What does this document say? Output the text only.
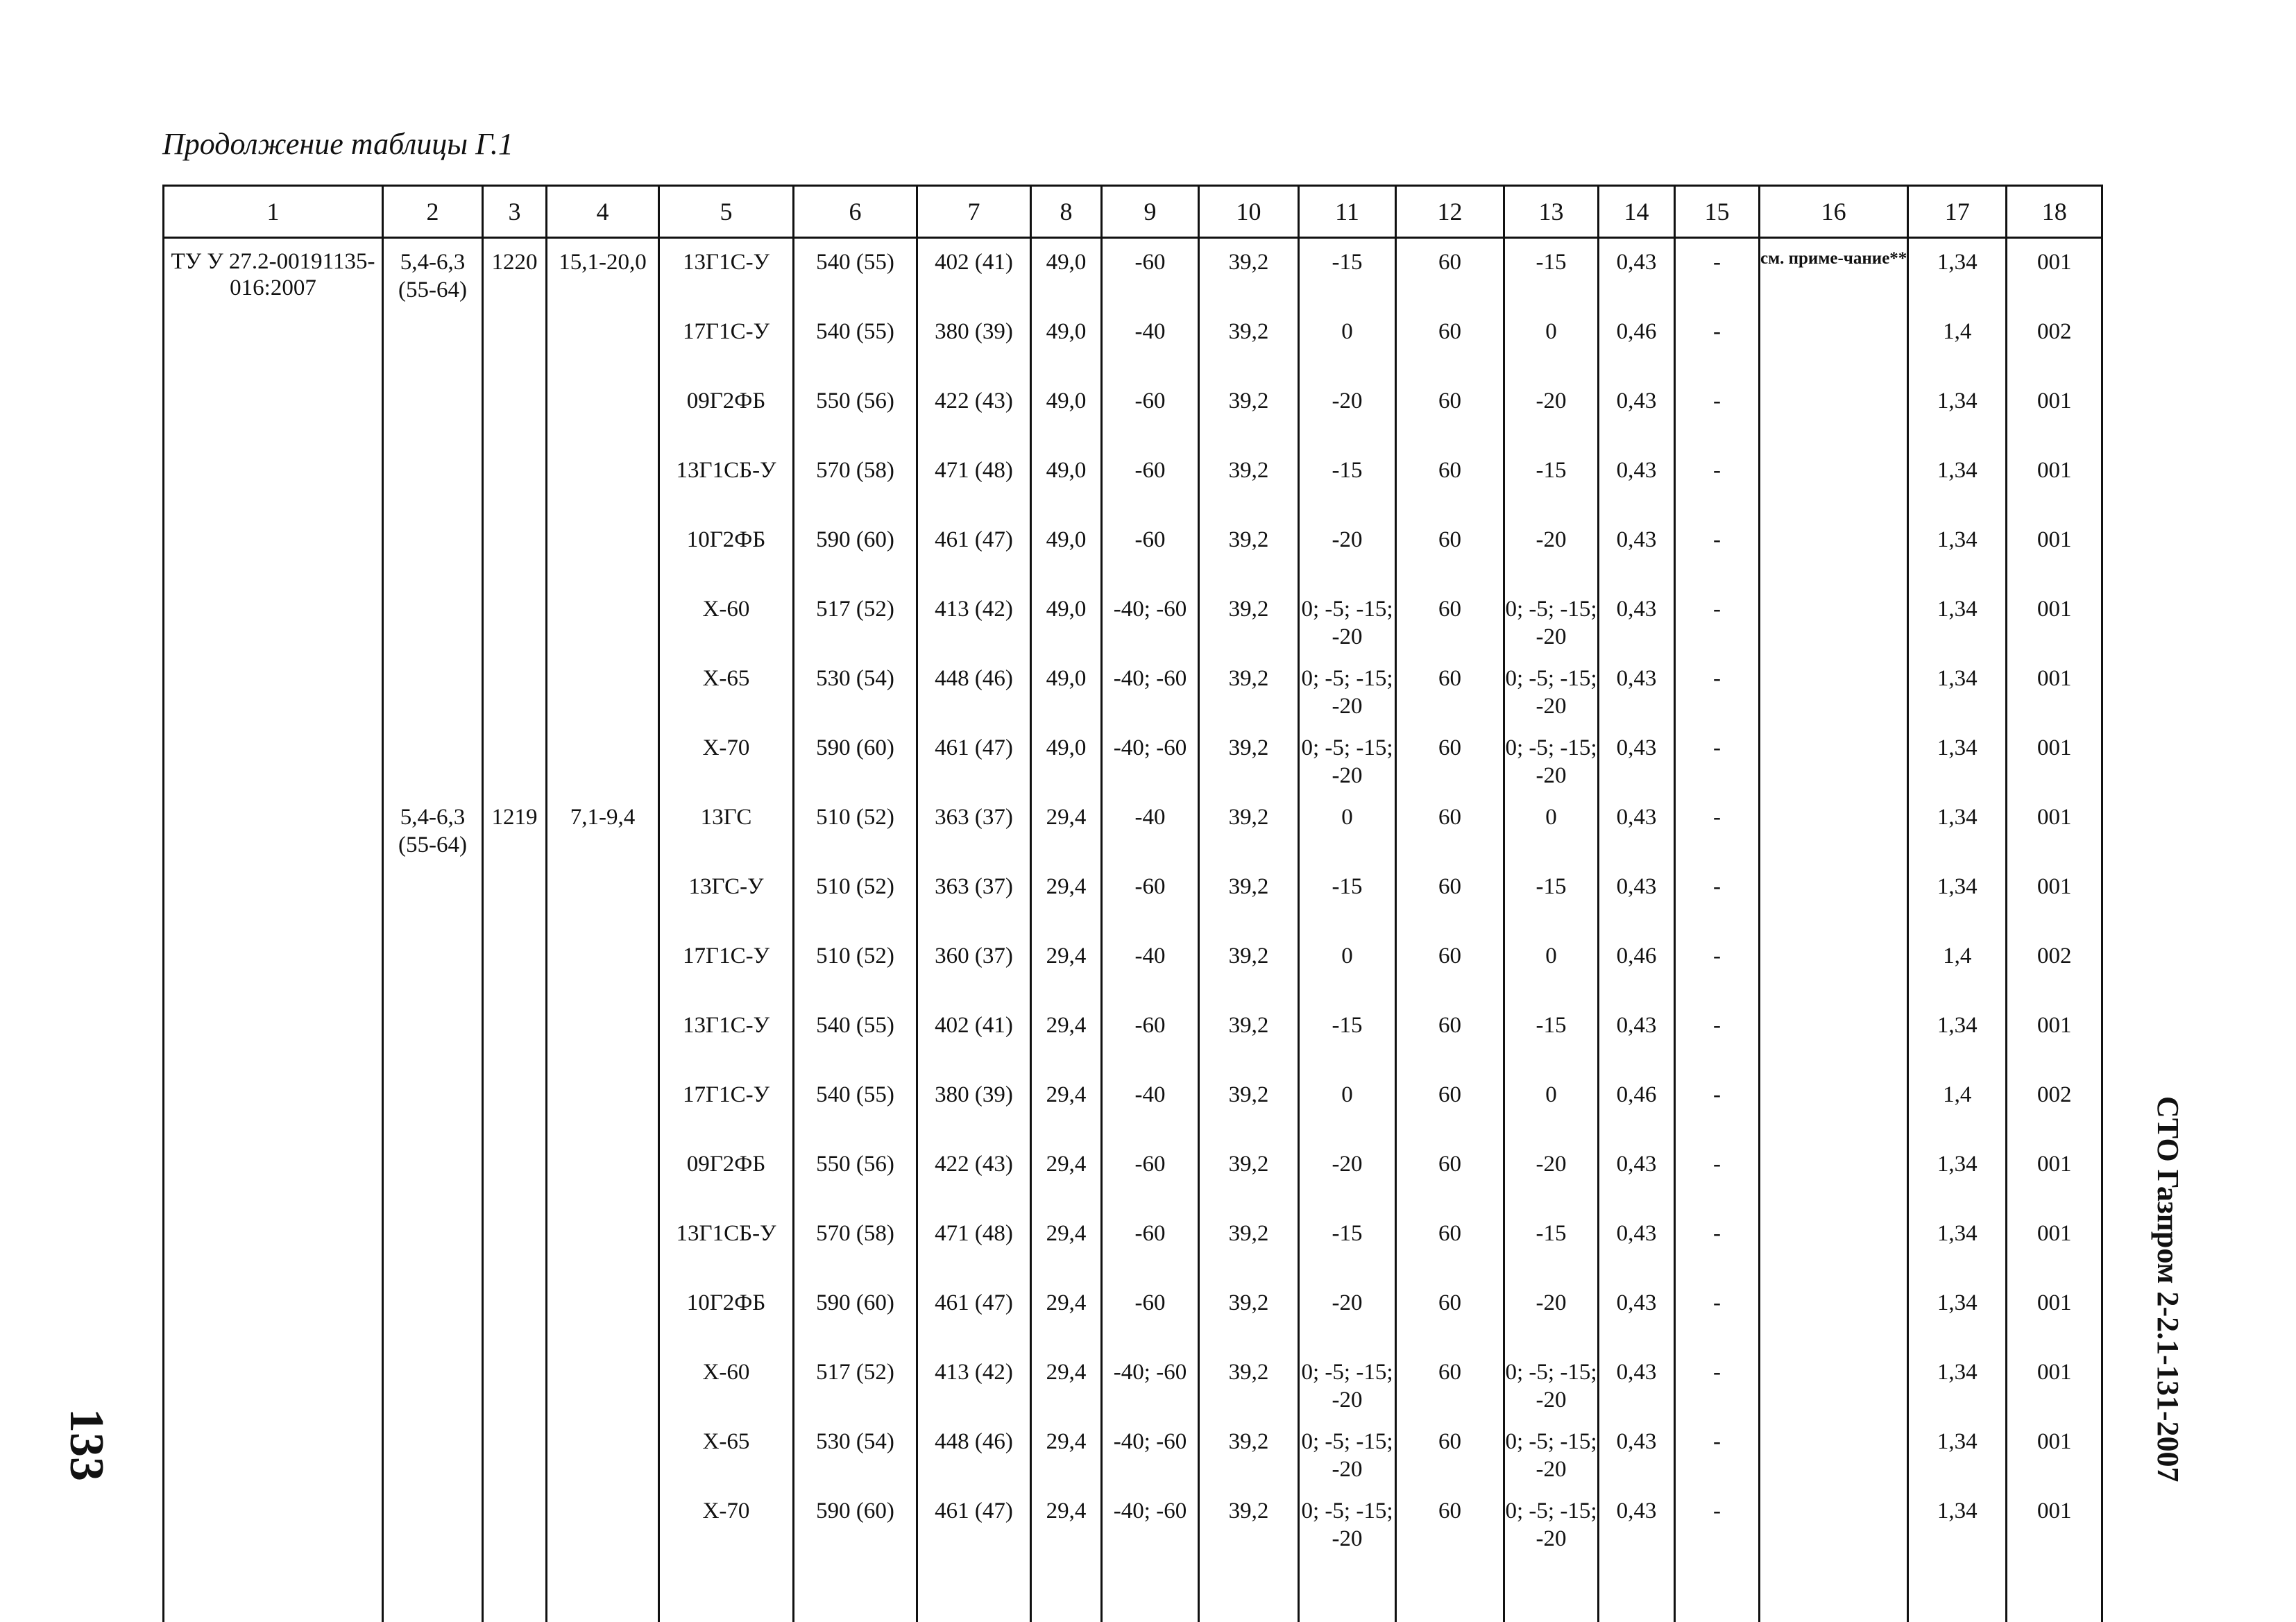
Продолжение таблицы Г.1
1	2	3	4	5	6	7	8	9	10	11	12	13	14	15	16	17	18
ТУ У 27.2-00191135-016:2007	5,4-6,3 (55-64)	1220	15,1-20,0	13Г1С-У	540 (55)	402 (41)	49,0	-60	39,2	-15	60	-15	0,43	-	см. приме-чание**	1,34	001
				17Г1С-У	540 (55)	380 (39)	49,0	-40	39,2	0	60	0	0,46	-		1,4	002
				09Г2ФБ	550 (56)	422 (43)	49,0	-60	39,2	-20	60	-20	0,43	-		1,34	001
				13Г1СБ-У	570 (58)	471 (48)	49,0	-60	39,2	-15	60	-15	0,43	-		1,34	001
				10Г2ФБ	590 (60)	461 (47)	49,0	-60	39,2	-20	60	-20	0,43	-		1,34	001
				Х-60	517 (52)	413 (42)	49,0	-40; -60	39,2	0; -5; -15; -20	60	0; -5; -15; -20	0,43	-		1,34	001
				Х-65	530 (54)	448 (46)	49,0	-40; -60	39,2	0; -5; -15; -20	60	0; -5; -15; -20	0,43	-		1,34	001
				Х-70	590 (60)	461 (47)	49,0	-40; -60	39,2	0; -5; -15; -20	60	0; -5; -15; -20	0,43	-		1,34	001
	5,4-6,3 (55-64)	1219	7,1-9,4	13ГС	510 (52)	363 (37)	29,4	-40	39,2	0	60	0	0,43	-		1,34	001
				13ГС-У	510 (52)	363 (37)	29,4	-60	39,2	-15	60	-15	0,43	-		1,34	001
				17Г1С-У	510 (52)	360 (37)	29,4	-40	39,2	0	60	0	0,46	-		1,4	002
				13Г1С-У	540 (55)	402 (41)	29,4	-60	39,2	-15	60	-15	0,43	-		1,34	001
				17Г1С-У	540 (55)	380 (39)	29,4	-40	39,2	0	60	0	0,46	-		1,4	002
				09Г2ФБ	550 (56)	422 (43)	29,4	-60	39,2	-20	60	-20	0,43	-		1,34	001
				13Г1СБ-У	570 (58)	471 (48)	29,4	-60	39,2	-15	60	-15	0,43	-		1,34	001
				10Г2ФБ	590 (60)	461 (47)	29,4	-60	39,2	-20	60	-20	0,43	-		1,34	001
				Х-60	517 (52)	413 (42)	29,4	-40; -60	39,2	0; -5; -15; -20	60	0; -5; -15; -20	0,43	-		1,34	001
				Х-65	530 (54)	448 (46)	29,4	-40; -60	39,2	0; -5; -15; -20	60	0; -5; -15; -20	0,43	-		1,34	001
				Х-70	590 (60)	461 (47)	29,4	-40; -60	39,2	0; -5; -15; -20	60	0; -5; -15; -20	0,43	-		1,34	001
СТО Газпром 2-2.1-131-2007
133
